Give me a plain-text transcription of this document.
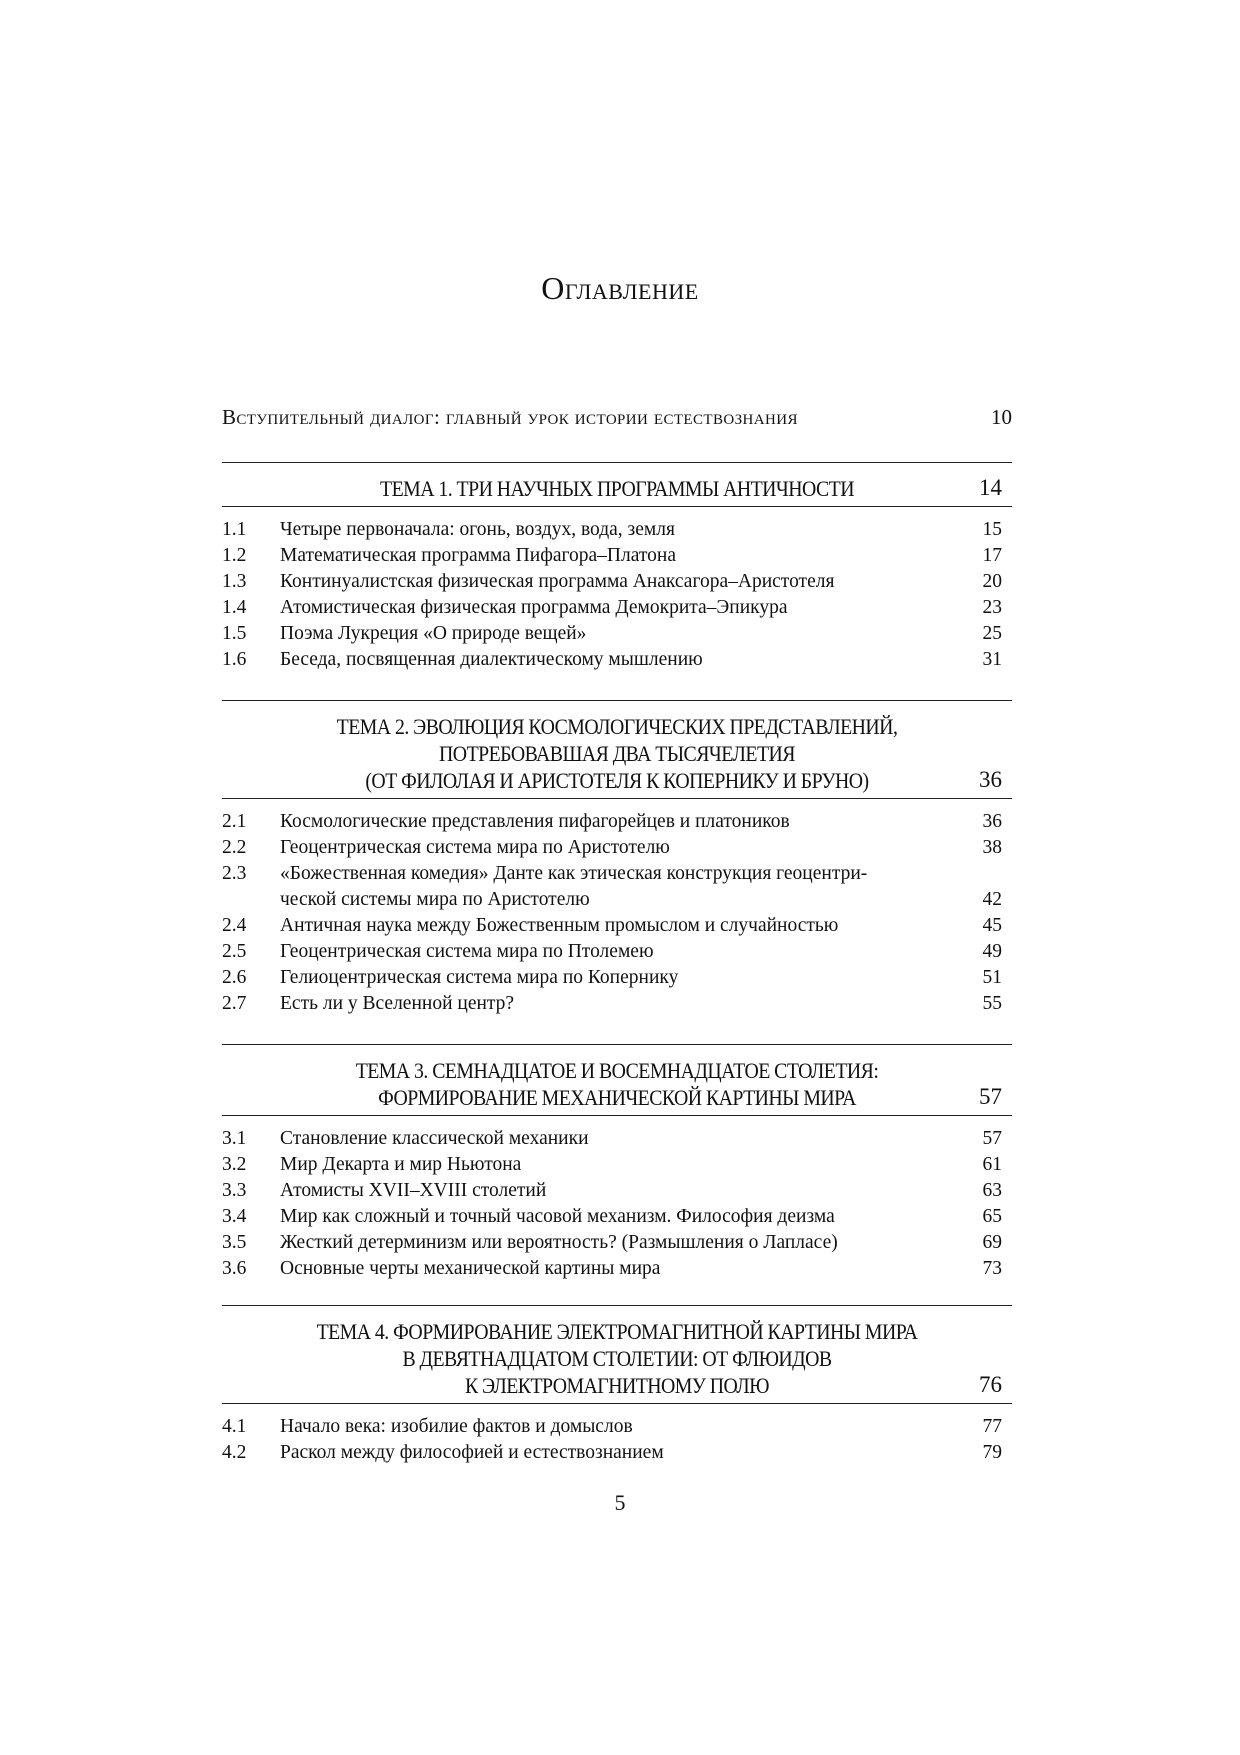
Оглавление
Вступительный диалог: главный урок истории естествознания	10
ТЕМА 1. ТРИ НАУЧНЫХ ПРОГРАММЫ АНТИЧНОСТИ	14
1.1	Четыре первоначала: огонь, воздух, вода, земля	15
1.2	Математическая программа Пифагора–Платона	17
1.3	Континуалистская физическая программа Анаксагора–Аристотеля	20
1.4	Атомистическая физическая программа Демокрита–Эпикура	23
1.5	Поэма Лукреция «О природе вещей»	25
1.6	Беседа, посвященная диалектическому мышлению	31
ТЕМА 2. ЭВОЛЮЦИЯ КОСМОЛОГИЧЕСКИХ ПРЕДСТАВЛЕНИЙ,
ПОТРЕБОВАВШАЯ ДВА ТЫСЯЧЕЛЕТИЯ
(ОТ ФИЛОЛАЯ И АРИСТОТЕЛЯ К КОПЕРНИКУ И БРУНО)	36
2.1	Космологические представления пифагорейцев и платоников	36
2.2	Геоцентрическая система мира по Аристотелю	38
2.3	«Божественная комедия» Данте как этическая конструкция геоцентри-
ческой системы мира по Аристотелю	42
2.4	Античная наука между Божественным промыслом и случайностью	45
2.5	Геоцентрическая система мира по Птолемею	49
2.6	Гелиоцентрическая система мира по Копернику	51
2.7	Есть ли у Вселенной центр?	55
ТЕМА 3. СЕМНАДЦАТОЕ И ВОСЕМНАДЦАТОЕ СТОЛЕТИЯ:
ФОРМИРОВАНИЕ МЕХАНИЧЕСКОЙ КАРТИНЫ МИРА	57
3.1	Становление классической механики	57
3.2	Мир Декарта и мир Ньютона	61
3.3	Атомисты XVII–XVIII столетий	63
3.4	Мир как сложный и точный часовой механизм. Философия деизма	65
3.5	Жесткий детерминизм или вероятность? (Размышления о Лапласе)	69
3.6	Основные черты механической картины мира	73
ТЕМА 4. ФОРМИРОВАНИЕ ЭЛЕКТРОМАГНИТНОЙ КАРТИНЫ МИРА
В ДЕВЯТНАДЦАТОМ СТОЛЕТИИ: ОТ ФЛЮИДОВ
К ЭЛЕКТРОМАГНИТНОМУ ПОЛЮ	76
4.1	Начало века: изобилие фактов и домыслов	77
4.2	Раскол между философией и естествознанием	79
5
